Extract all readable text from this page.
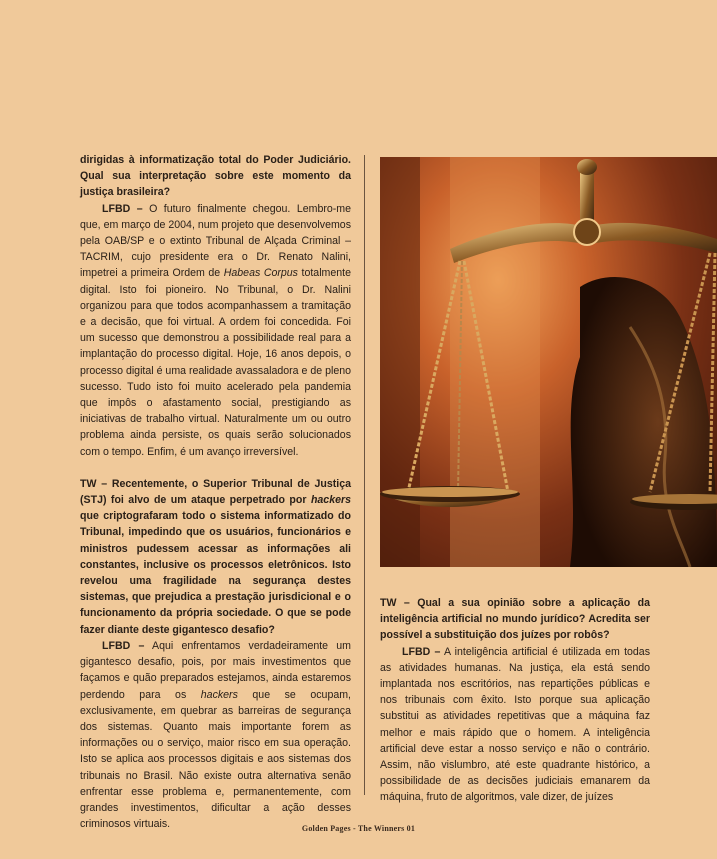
dirigidas à informatização total do Poder Judiciário. Qual sua interpretação sobre este momento da justiça brasileira?

LFBD – O futuro finalmente chegou. Lembro-me que, em março de 2004, num projeto que desenvolvemos pela OAB/SP e o extinto Tribunal de Alçada Criminal – TACRIM, cujo presidente era o Dr. Renato Nalini, impetrei a primeira Ordem de Habeas Corpus totalmente digital. Isto foi pioneiro. No Tribunal, o Dr. Nalini organizou para que todos acompanhassem a tramitação e a decisão, que foi virtual. A ordem foi concedida. Foi um sucesso que demonstrou a possibilidade real para a implantação do processo digital. Hoje, 16 anos depois, o processo digital é uma realidade avassaladora e de pleno sucesso. Tudo isto foi muito acelerado pela pandemia que impôs o afastamento social, prestigiando as iniciativas de trabalho virtual. Naturalmente um ou outro problema ainda persiste, os quais serão solucionados com o tempo. Enfim, é um avanço irreversível.

TW – Recentemente, o Superior Tribunal de Justiça (STJ) foi alvo de um ataque perpetrado por hackers que criptografaram todo o sistema informatizado do Tribunal, impedindo que os usuários, funcionários e ministros pudessem acessar as informações ali constantes, inclusive os processos eletrônicos. Isto revelou uma fragilidade na segurança destes sistemas, que prejudica a prestação jurisdicional e o funcionamento da própria sociedade. O que se pode fazer diante deste gigantesco desafio?

LFBD – Aqui enfrentamos verdadeiramente um gigantesco desafio, pois, por mais investimentos que façamos e quão preparados estejamos, ainda estaremos perdendo para os hackers que se ocupam, exclusivamente, em quebrar as barreiras de segurança dos sistemas. Quanto mais importante forem as informações ou o serviço, maior risco em sua operação. Isto se aplica aos processos digitais e aos sistemas dos tribunais no Brasil. Não existe outra alternativa senão enfrentar esse problema e, permanentemente, com grandes investimentos, dificultar a ação desses criminosos virtuais.

TW – Qual a sua opinião sobre a aplicação da inteligência artificial no mundo jurídico? Acredita ser possível a substituição dos juízes por robôs?

LFBD – A inteligência artificial é utilizada em todas as atividades humanas. Na justiça, ela está sendo implantada nos escritórios, nas repartições públicas e nos tribunais com êxito. Isto porque sua aplicação substitui as atividades repetitivas que a máquina faz melhor e mais rápido que o homem. A inteligência artificial deve estar a nosso serviço e não o contrário. Assim, não vislumbro, até este quadrante histórico, a possibilidade de as decisões judiciais emanarem da máquina, fruto de algoritmos, vale dizer, de juízes

Golden Pages - The Winners 01
